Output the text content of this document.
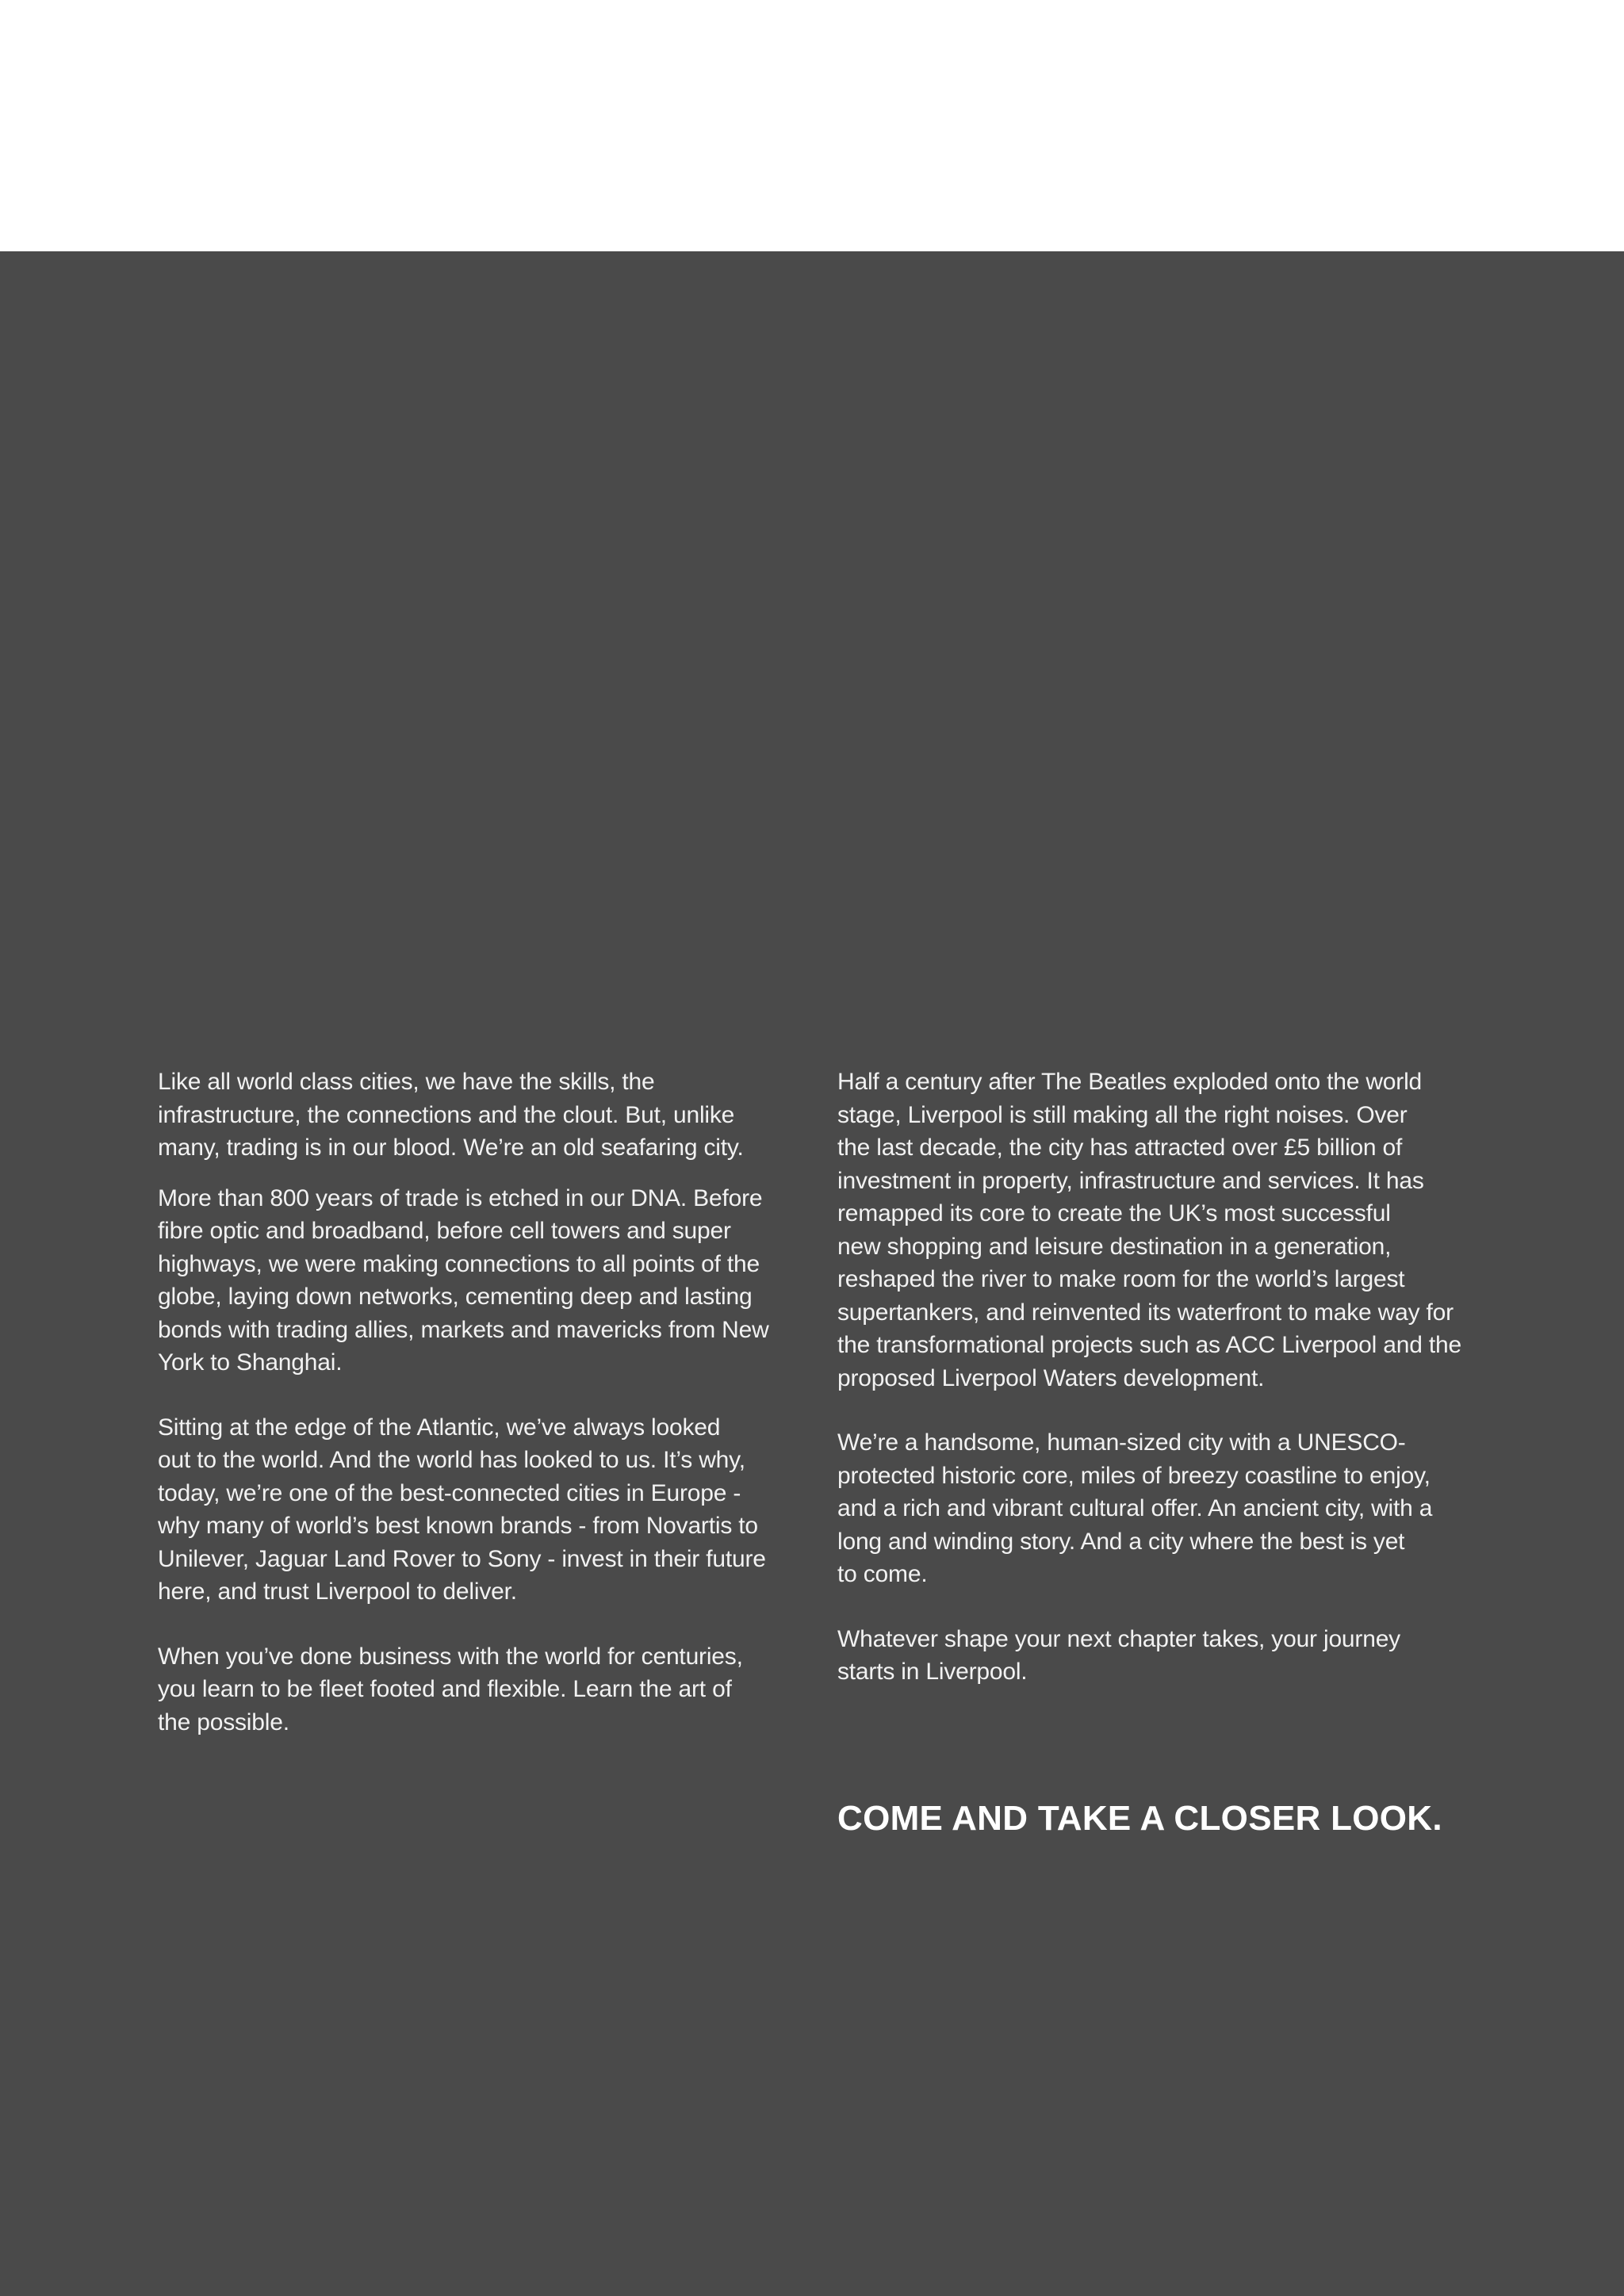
Like all world class cities, we have the skills, the
infrastructure, the connections and the clout. But, unlike
many, trading is in our blood. We’re an old seafaring city.

More than 800 years of trade is etched in our DNA. Before
fibre optic and broadband, before cell towers and super
highways, we were making connections to all points of the
globe, laying down networks, cementing deep and lasting
bonds with trading allies, markets and mavericks from New
York to Shanghai.

Sitting at the edge of the Atlantic, we’ve always looked
out to the world. And the world has looked to us. It’s why,
today, we’re one of the best-connected cities in Europe -
why many of world’s best known brands - from Novartis to
Unilever, Jaguar Land Rover to Sony - invest in their future
here, and trust Liverpool to deliver.

When you’ve done business with the world for centuries,
you learn to be fleet footed and flexible. Learn the art of
the possible.

Half a century after The Beatles exploded onto the world
stage, Liverpool is still making all the right noises. Over
the last decade, the city has attracted over £5 billion of
investment in property, infrastructure and services. It has
remapped its core to create the UK’s most successful
new shopping and leisure destination in a generation,
reshaped the river to make room for the world’s largest
supertankers, and reinvented its waterfront to make way for
the transformational projects such as ACC Liverpool and the
proposed Liverpool Waters development.

We’re a handsome, human-sized city with a UNESCO-
protected historic core, miles of breezy coastline to enjoy,
and a rich and vibrant cultural offer. An ancient city, with a
long and winding story. And a city where the best is yet
to come.

Whatever shape your next chapter takes, your journey
starts in Liverpool.

COME AND TAKE A CLOSER LOOK.
